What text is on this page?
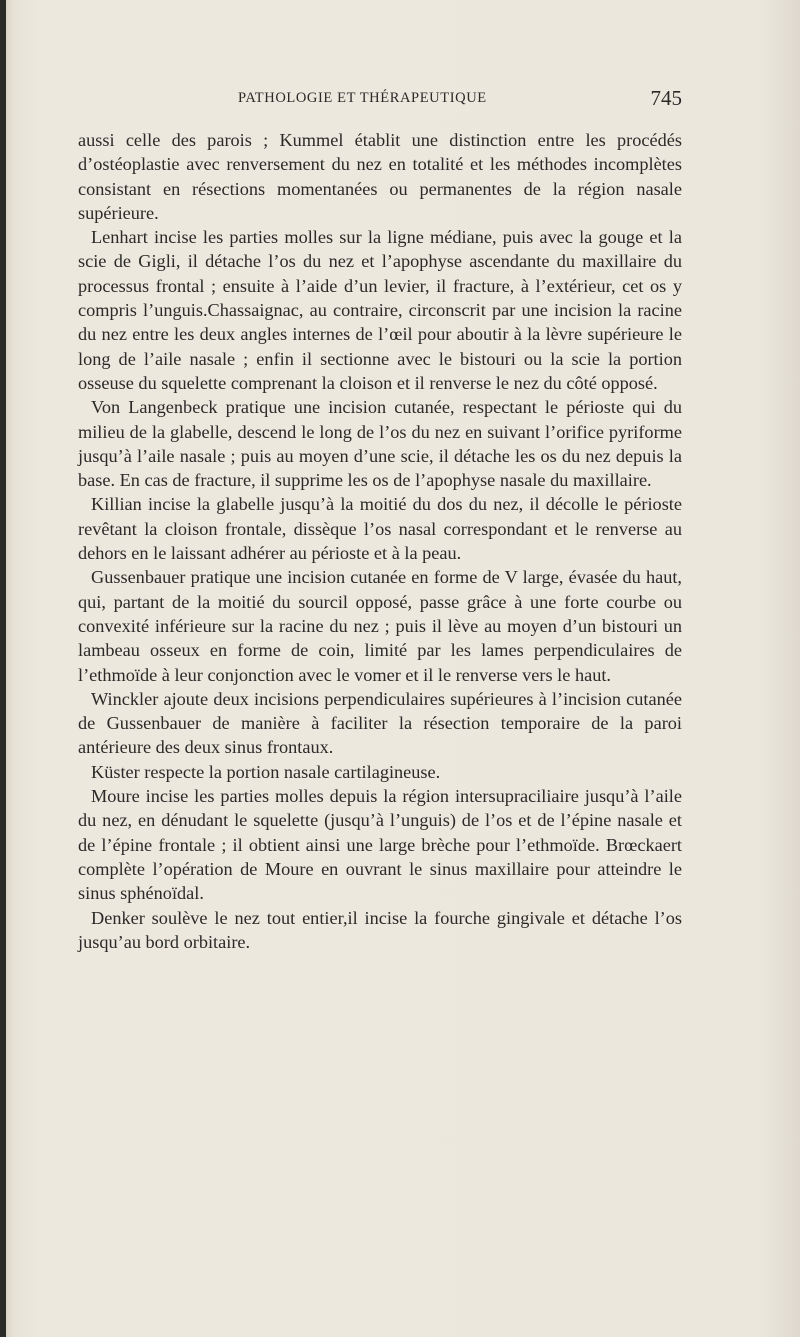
PATHOLOGIE ET THÉRAPEUTIQUE	745

aussi celle des parois ; Kummel établit une distinction entre les procédés d’ostéoplastie avec renversement du nez en totalité et les méthodes incomplètes consistant en résections momentanées ou permanentes de la région nasale supérieure.

Lenhart incise les parties molles sur la ligne médiane, puis avec la gouge et la scie de Gigli, il détache l’os du nez et l’apophyse ascendante du maxillaire du processus frontal ; ensuite à l’aide d’un levier, il fracture, à l’extérieur, cet os y compris l’unguis.Chassaignac, au contraire, circonscrit par une incision la racine du nez entre les deux angles internes de l’œil pour aboutir à la lèvre supérieure le long de l’aile nasale ; enfin il sectionne avec le bistouri ou la scie la portion osseuse du squelette comprenant la cloison et il renverse le nez du côté opposé.

Von Langenbeck pratique une incision cutanée, respectant le périoste qui du milieu de la glabelle, descend le long de l’os du nez en suivant l’orifice pyriforme jusqu’à l’aile nasale ; puis au moyen d’une scie, il détache les os du nez depuis la base. En cas de fracture, il supprime les os de l’apophyse nasale du maxillaire.

Killian incise la glabelle jusqu’à la moitié du dos du nez, il décolle le périoste revêtant la cloison frontale, dissèque l’os nasal correspondant et le renverse au dehors en le laissant adhérer au périoste et à la peau.

Gussenbauer pratique une incision cutanée en forme de V large, évasée du haut, qui, partant de la moitié du sourcil opposé, passe grâce à une forte courbe ou convexité inférieure sur la racine du nez ; puis il lève au moyen d’un bistouri un lambeau osseux en forme de coin, limité par les lames perpendiculaires de l’ethmoïde à leur conjonction avec le vomer et il le renverse vers le haut.

Winckler ajoute deux incisions perpendiculaires supérieures à l’incision cutanée de Gussenbauer de manière à faciliter la résection temporaire de la paroi antérieure des deux sinus frontaux.

Küster respecte la portion nasale cartilagineuse.

Moure incise les parties molles depuis la région intersupraciliaire jusqu’à l’aile du nez, en dénudant le squelette (jusqu’à l’unguis) de l’os et de l’épine nasale et de l’épine frontale ; il obtient ainsi une large brèche pour l’ethmoïde. Brœckaert complète l’opération de Moure en ouvrant le sinus maxillaire pour atteindre le sinus sphénoïdal.

Denker soulève le nez tout entier,il incise la fourche gingivale et détache l’os jusqu’au bord orbitaire.
